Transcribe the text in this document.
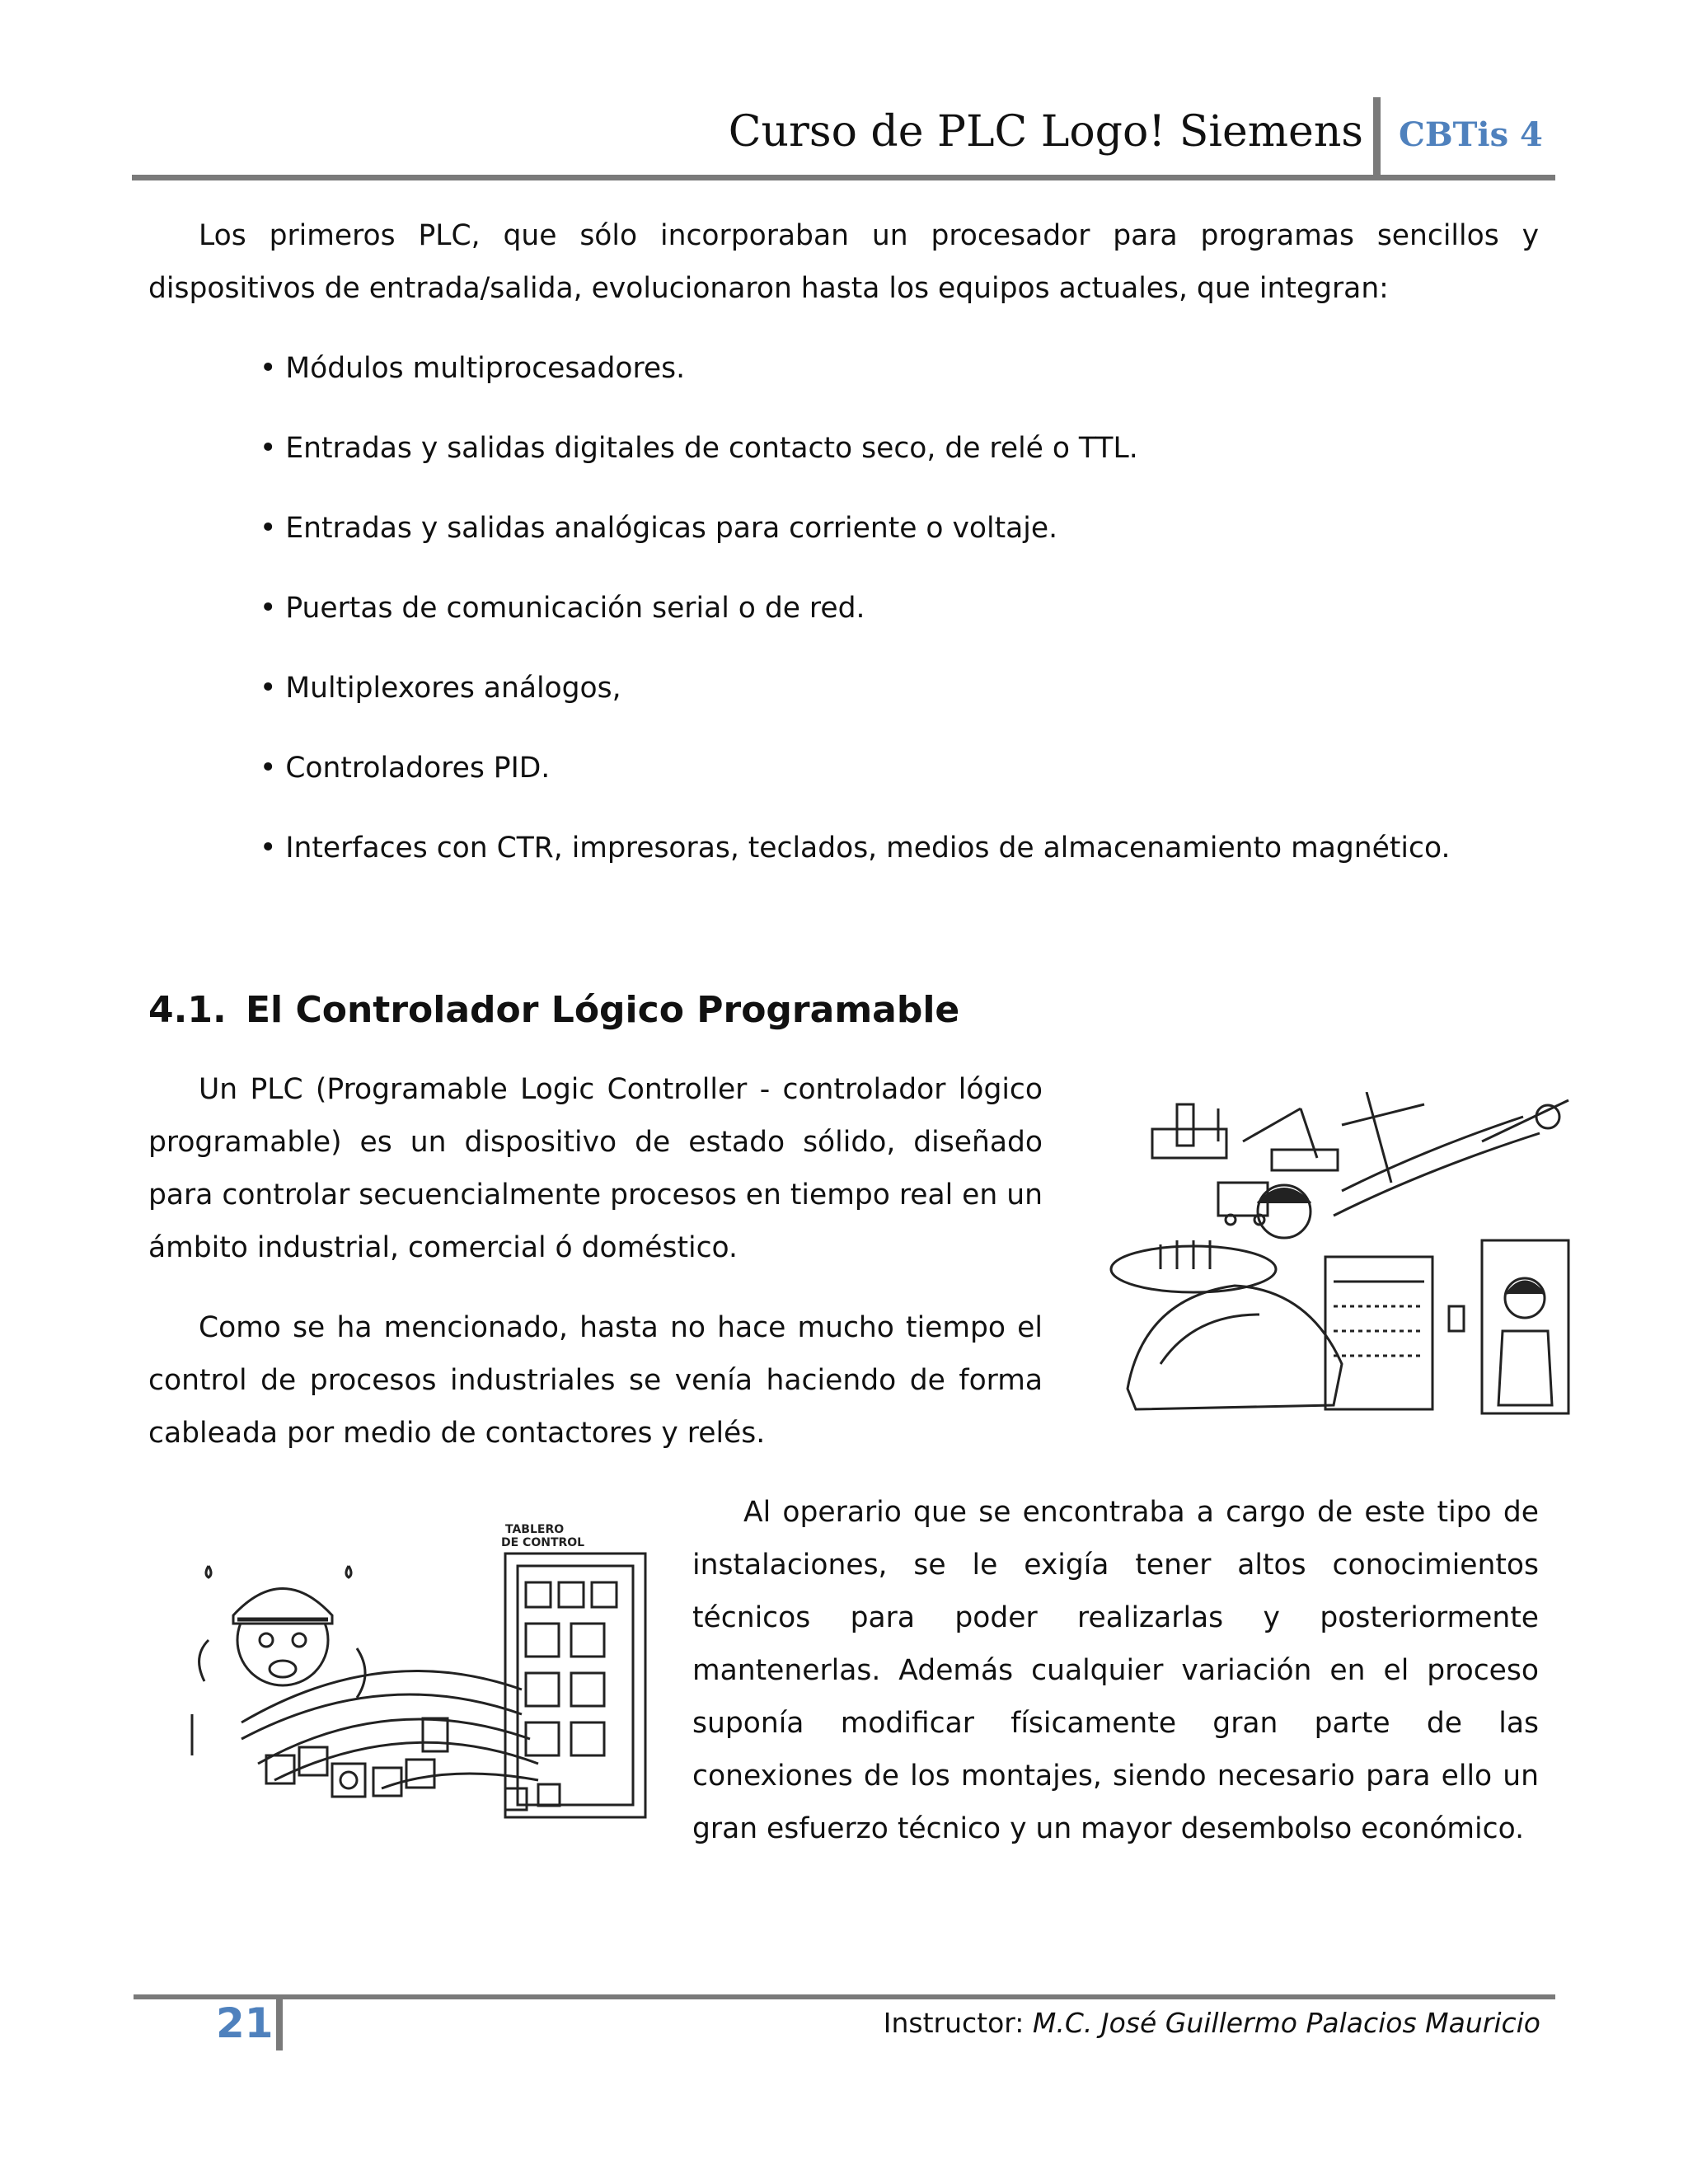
Curso de PLC Logo! Siemens CBTis 4

Los primeros PLC, que sólo incorporaban un procesador para programas sencillos y dispositivos de entrada/salida, evolucionaron hasta los equipos actuales, que integran:

• Módulos multiprocesadores.
• Entradas y salidas digitales de contacto seco, de relé o TTL.
• Entradas y salidas analógicas para corriente o voltaje.
• Puertas de comunicación serial o de red.
• Multiplexores análogos,
• Controladores PID.
• Interfaces con CTR, impresoras, teclados, medios de almacenamiento magnético.
4.1. El Controlador Lógico Programable

Un PLC (Programable Logic Controller - controlador lógico programable) es un dispositivo de estado sólido, diseñado para controlar secuencialmente procesos en tiempo real en un ámbito industrial, comercial ó doméstico.

Como se ha mencionado, hasta no hace mucho tiempo el control de procesos industriales se venía haciendo de forma cableada por medio de contactores y relés.

Al operario que se encontraba a cargo de este tipo de instalaciones, se le exigía tener altos conocimientos técnicos para poder realizarlas y posteriormente mantenerlas. Además cualquier variación en el proceso suponía modificar físicamente gran parte de las conexiones de los montajes, siendo necesario para ello un gran esfuerzo técnico y un mayor desembolso económico.

TABLERO
DE CONTROL
21	Instructor: M.C. José Guillermo Palacios Mauricio
